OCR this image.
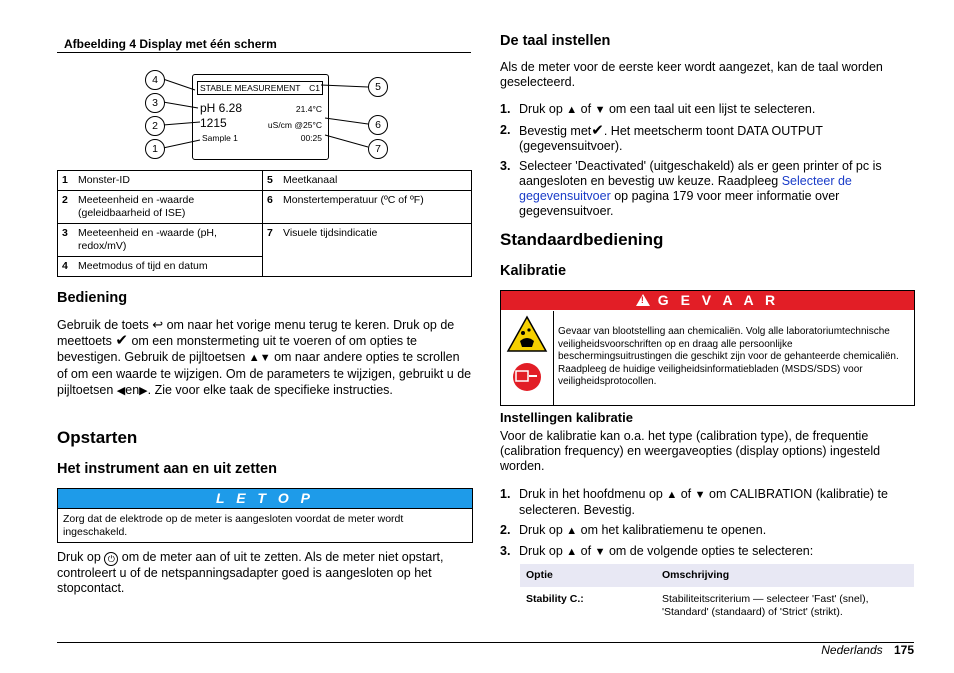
Afbeelding 4 Display met één scherm
STABLE MEASUREMENT C1
pH 6.28	21.4°C
1215	uS/cm @25°C
Sample 1	00:25
4
3
2
1
5
6
7
1	Monster-ID	5	Meetkanaal
2	Meeteenheid en -waarde (geleidbaarheid of ISE)	6	Monstertemperatuur (ºC of ºF)
3	Meeteenheid en -waarde (pH, redox/mV)	7	Visuele tijdsindicatie
4	Meetmodus of tijd en datum		
Bediening

Gebruik de toets ↩ om naar het vorige menu terug te keren. Druk op de meettoets ✔ om een monstermeting uit te voeren of om opties te bevestigen. Gebruik de pijltoetsen ▲▼ om naar andere opties te scrollen of om een waarde te wijzigen. Om de parameters te wijzigen, gebruikt u de pijltoetsen ◀en▶. Zie voor elke taak de specifieke instructies.

Opstarten
Het instrument aan en uit zetten
L E T O P
Zorg dat de elektrode op de meter is aangesloten voordat de meter wordt ingeschakeld.

Druk op ⏻ om de meter aan of uit te zetten. Als de meter niet opstart, controleert u of de netspanningsadapter goed is aangesloten op het stopcontact.

De taal instellen

Als de meter voor de eerste keer wordt aangezet, kan de taal worden geselecteerd.

1. Druk op ▲ of ▼ om een taal uit een lijst te selecteren.
2. Bevestig met✔. Het meetscherm toont DATA OUTPUT (gegevensuitvoer).
3. Selecteer 'Deactivated' (uitgeschakeld) als er geen printer of pc is aangesloten en bevestig uw keuze. Raadpleeg Selecteer de gegevensuitvoer op pagina 179 voor meer informatie over gegevensuitvoer.
Standaardbediening
Kalibratie
! G E V A A R
Gevaar van blootstelling aan chemicaliën. Volg alle laboratoriumtechnische veiligheidsvoorschriften op en draag alle persoonlijke beschermingsuitrustingen die geschikt zijn voor de gehanteerde chemicaliën. Raadpleeg de huidige veiligheidsinformatiebladen (MSDS/SDS) voor veiligheidsprotocollen.
Instellingen kalibratie

Voor de kalibratie kan o.a. het type (calibration type), de frequentie (calibration frequency) en weergaveopties (display options) ingesteld worden.

1. Druk in het hoofdmenu op ▲ of ▼ om CALIBRATION (kalibratie) te selecteren. Bevestig.
2. Druk op ▲ om het kalibratiemenu te openen.
3. Druk op ▲ of ▼ om de volgende opties te selecteren:
Optie	Omschrijving
Stability C.:	Stabiliteitscriterium — selecteer 'Fast' (snel), 'Standard' (standaard) of 'Strict' (strikt).
Nederlands 175
